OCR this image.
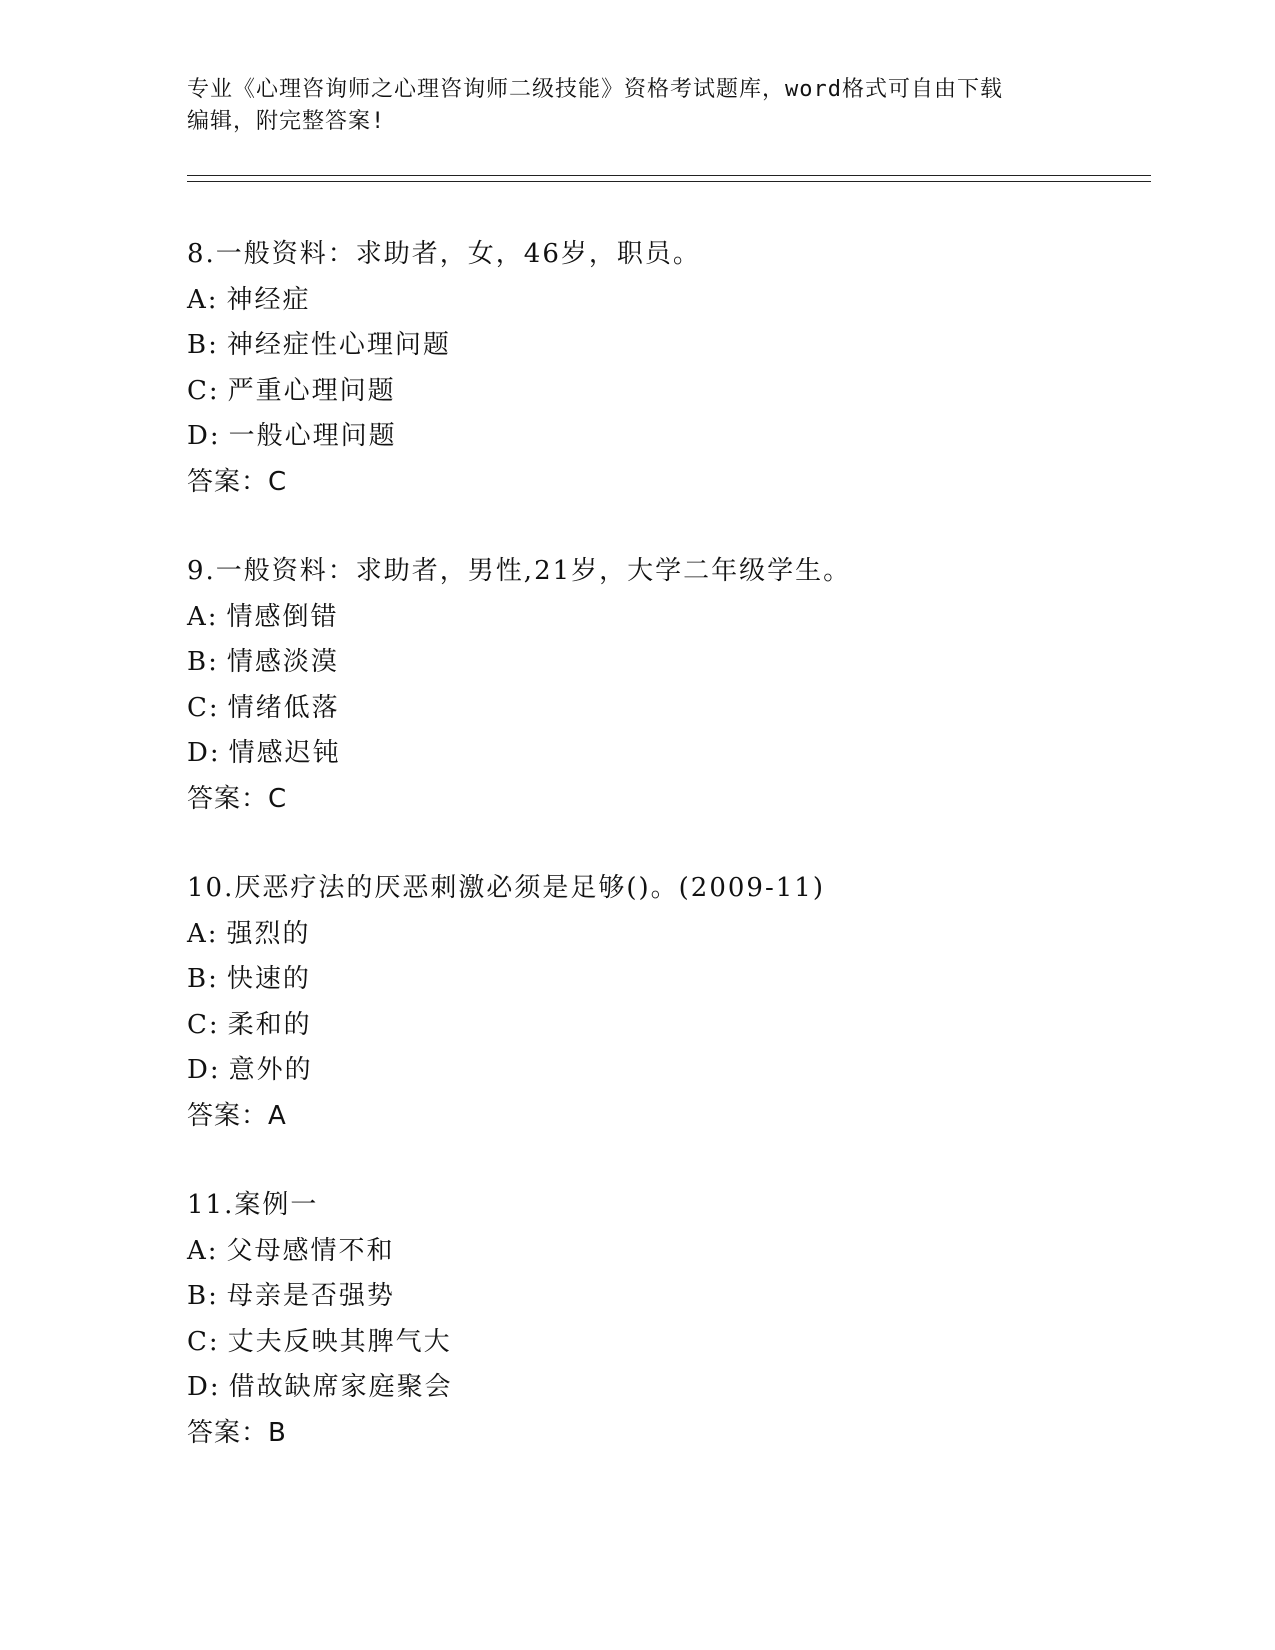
专业《心理咨询师之心理咨询师二级技能》资格考试题库，word格式可自由下载
编辑，附完整答案!
8.一般资料：求助者，女，46岁，职员。
A: 神经症
B: 神经症性心理问题
C: 严重心理问题
D: 一般心理问题
答案：C
9.一般资料：求助者，男性,21岁，大学二年级学生。
A: 情感倒错
B: 情感淡漠
C: 情绪低落
D: 情感迟钝
答案：C
10.厌恶疗法的厌恶刺激必须是足够()。(2009-11)
A: 强烈的
B: 快速的
C: 柔和的
D: 意外的
答案：A
11.案例一
A: 父母感情不和
B: 母亲是否强势
C: 丈夫反映其脾气大
D: 借故缺席家庭聚会
答案：B
